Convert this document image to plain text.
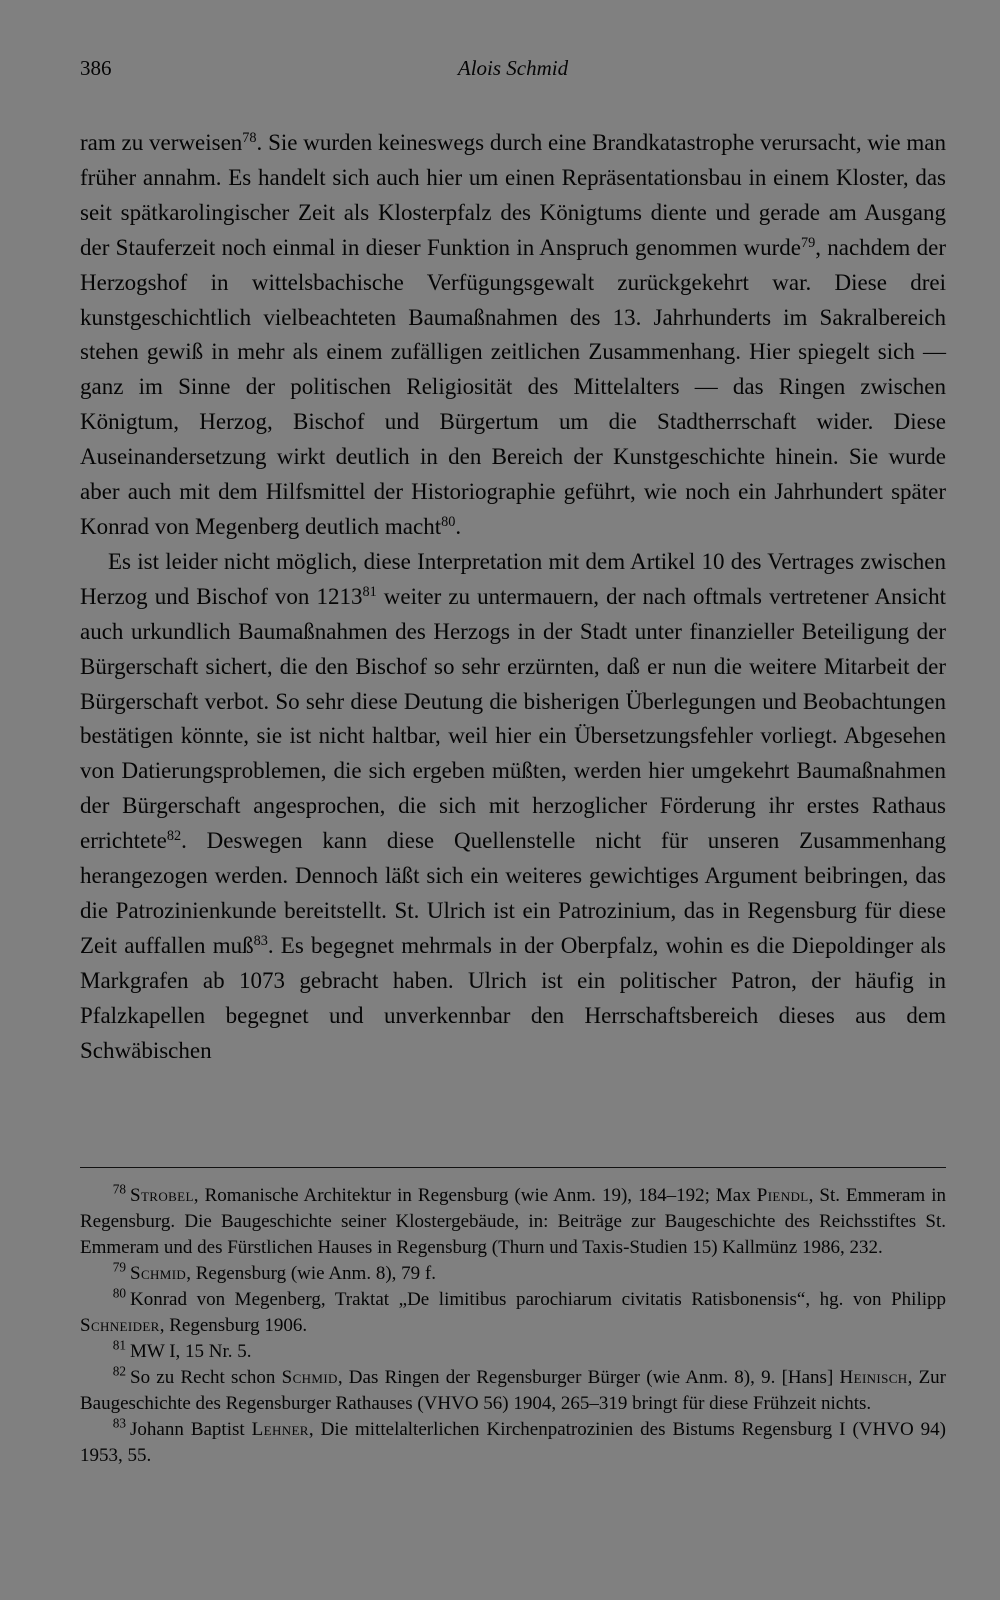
386	Alois Schmid

ram zu verweisen$^{78}$. Sie wurden keineswegs durch eine Brandkatastrophe verursacht, wie man früher annahm. Es handelt sich auch hier um einen Repräsentationsbau in einem Kloster, das seit spätkarolingischer Zeit als Klosterpfalz des Königtums diente und gerade am Ausgang der Stauferzeit noch einmal in dieser Funktion in Anspruch genommen wurde$^{79}$, nachdem der Herzogshof in wittelsbachische Verfügungsgewalt zurückgekehrt war. Diese drei kunstgeschichtlich vielbeachteten Baumaßnahmen des 13. Jahrhunderts im Sakralbereich stehen gewiß in mehr als einem zufälligen zeitlichen Zusammenhang. Hier spiegelt sich — ganz im Sinne der politischen Religiosität des Mittelalters — das Ringen zwischen Königtum, Herzog, Bischof und Bürgertum um die Stadtherrschaft wider. Diese Auseinandersetzung wirkt deutlich in den Bereich der Kunstgeschichte hinein. Sie wurde aber auch mit dem Hilfsmittel der Historiographie geführt, wie noch ein Jahrhundert später Konrad von Megenberg deutlich macht$^{80}$.

Es ist leider nicht möglich, diese Interpretation mit dem Artikel 10 des Vertrages zwischen Herzog und Bischof von 1213$^{81}$ weiter zu untermauern, der nach oftmals vertretener Ansicht auch urkundlich Baumaßnahmen des Herzogs in der Stadt unter finanzieller Beteiligung der Bürgerschaft sichert, die den Bischof so sehr erzürnten, daß er nun die weitere Mitarbeit der Bürgerschaft verbot. So sehr diese Deutung die bisherigen Überlegungen und Beobachtungen bestätigen könnte, sie ist nicht haltbar, weil hier ein Übersetzungsfehler vorliegt. Abgesehen von Datierungsproblemen, die sich ergeben müßten, werden hier umgekehrt Baumaßnahmen der Bürgerschaft angesprochen, die sich mit herzoglicher Förderung ihr erstes Rathaus errichtete$^{82}$. Deswegen kann diese Quellenstelle nicht für unseren Zusammenhang herangezogen werden. Dennoch läßt sich ein weiteres gewichtiges Argument beibringen, das die Patrozinienkunde bereitstellt. St. Ulrich ist ein Patrozinium, das in Regensburg für diese Zeit auffallen muß$^{83}$. Es begegnet mehrmals in der Oberpfalz, wohin es die Diepoldinger als Markgrafen ab 1073 gebracht haben. Ulrich ist ein politischer Patron, der häufig in Pfalzkapellen begegnet und unverkennbar den Herrschaftsbereich dieses aus dem Schwäbischen

$^{78}$ Strobel, Romanische Architektur in Regensburg (wie Anm. 19), 184–192; Max Piendl, St. Emmeram in Regensburg. Die Baugeschichte seiner Klostergebäude, in: Beiträge zur Baugeschichte des Reichsstiftes St. Emmeram und des Fürstlichen Hauses in Regensburg (Thurn und Taxis-Studien 15) Kallmünz 1986, 232.

$^{79}$ Schmid, Regensburg (wie Anm. 8), 79 f.

$^{80}$ Konrad von Megenberg, Traktat „De limitibus parochiarum civitatis Ratisbonensis“, hg. von Philipp Schneider, Regensburg 1906.

$^{81}$ MW I, 15 Nr. 5.

$^{82}$ So zu Recht schon Schmid, Das Ringen der Regensburger Bürger (wie Anm. 8), 9. [Hans] Heinisch, Zur Baugeschichte des Regensburger Rathauses (VHVO 56) 1904, 265–319 bringt für diese Frühzeit nichts.

$^{83}$ Johann Baptist Lehner, Die mittelalterlichen Kirchenpatrozinien des Bistums Regensburg I (VHVO 94) 1953, 55.
